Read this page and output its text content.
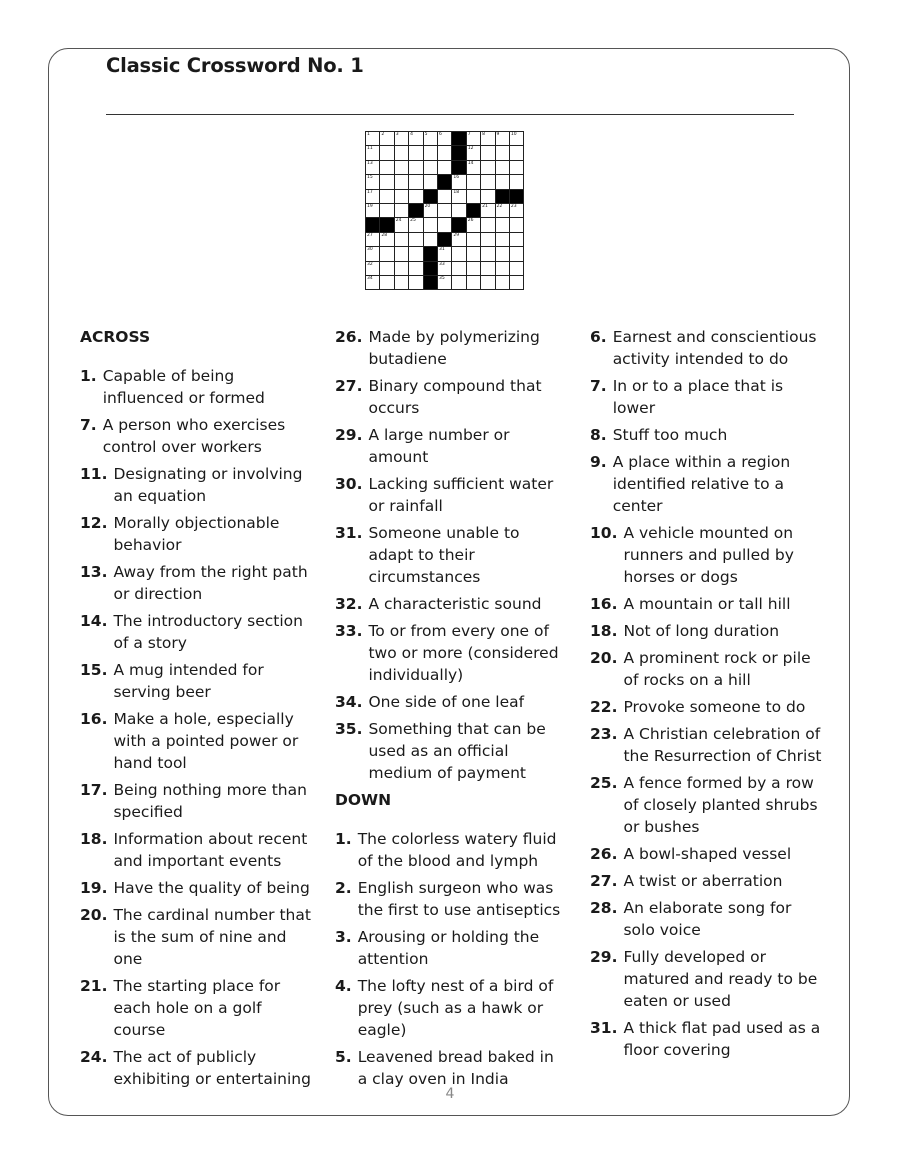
Classic Crossword No. 1
1	2	3	4	5	6		7	8	9	10

11							12			

13							14			

15						16				

17						18				

19				20				21	22	23

		24	25				26			

27	28					29				

30					31					

32					33					

34					35					

ACROSS
1. Capable of being influenced or formed
7. A person who exercises control over workers
11. Designating or involving an equation
12. Morally objectionable behavior
13. Away from the right path or direction
14. The introductory section of a story
15. A mug intended for serving beer
16. Make a hole, especially with a pointed power or hand tool
17. Being nothing more than specified
18. Information about recent and important events
19. Have the quality of being
20. The cardinal number that is the sum of nine and one
21. The starting place for each hole on a golf course
24. The act of publicly exhibiting or entertaining
26. Made by polymerizing butadiene
27. Binary compound that occurs
29. A large number or amount
30. Lacking sufficient water or rainfall
31. Someone unable to adapt to their circumstances
32. A characteristic sound
33. To or from every one of two or more (considered individually)
34. One side of one leaf
35. Something that can be used as an official medium of payment
DOWN
1. The colorless watery fluid of the blood and lymph
2. English surgeon who was the first to use antiseptics
3. Arousing or holding the attention
4. The lofty nest of a bird of prey (such as a hawk or eagle)
5. Leavened bread baked in a clay oven in India
6. Earnest and conscientious activity intended to do
7. In or to a place that is lower
8. Stuff too much
9. A place within a region identified relative to a center
10. A vehicle mounted on runners and pulled by horses or dogs
16. A mountain or tall hill
18. Not of long duration
20. A prominent rock or pile of rocks on a hill
22. Provoke someone to do
23. A Christian celebration of the Resurrection of Christ
25. A fence formed by a row of closely planted shrubs or bushes
26. A bowl-shaped vessel
27. A twist or aberration
28. An elaborate song for solo voice
29. Fully developed or matured and ready to be eaten or used
31. A thick flat pad used as a floor covering
4
